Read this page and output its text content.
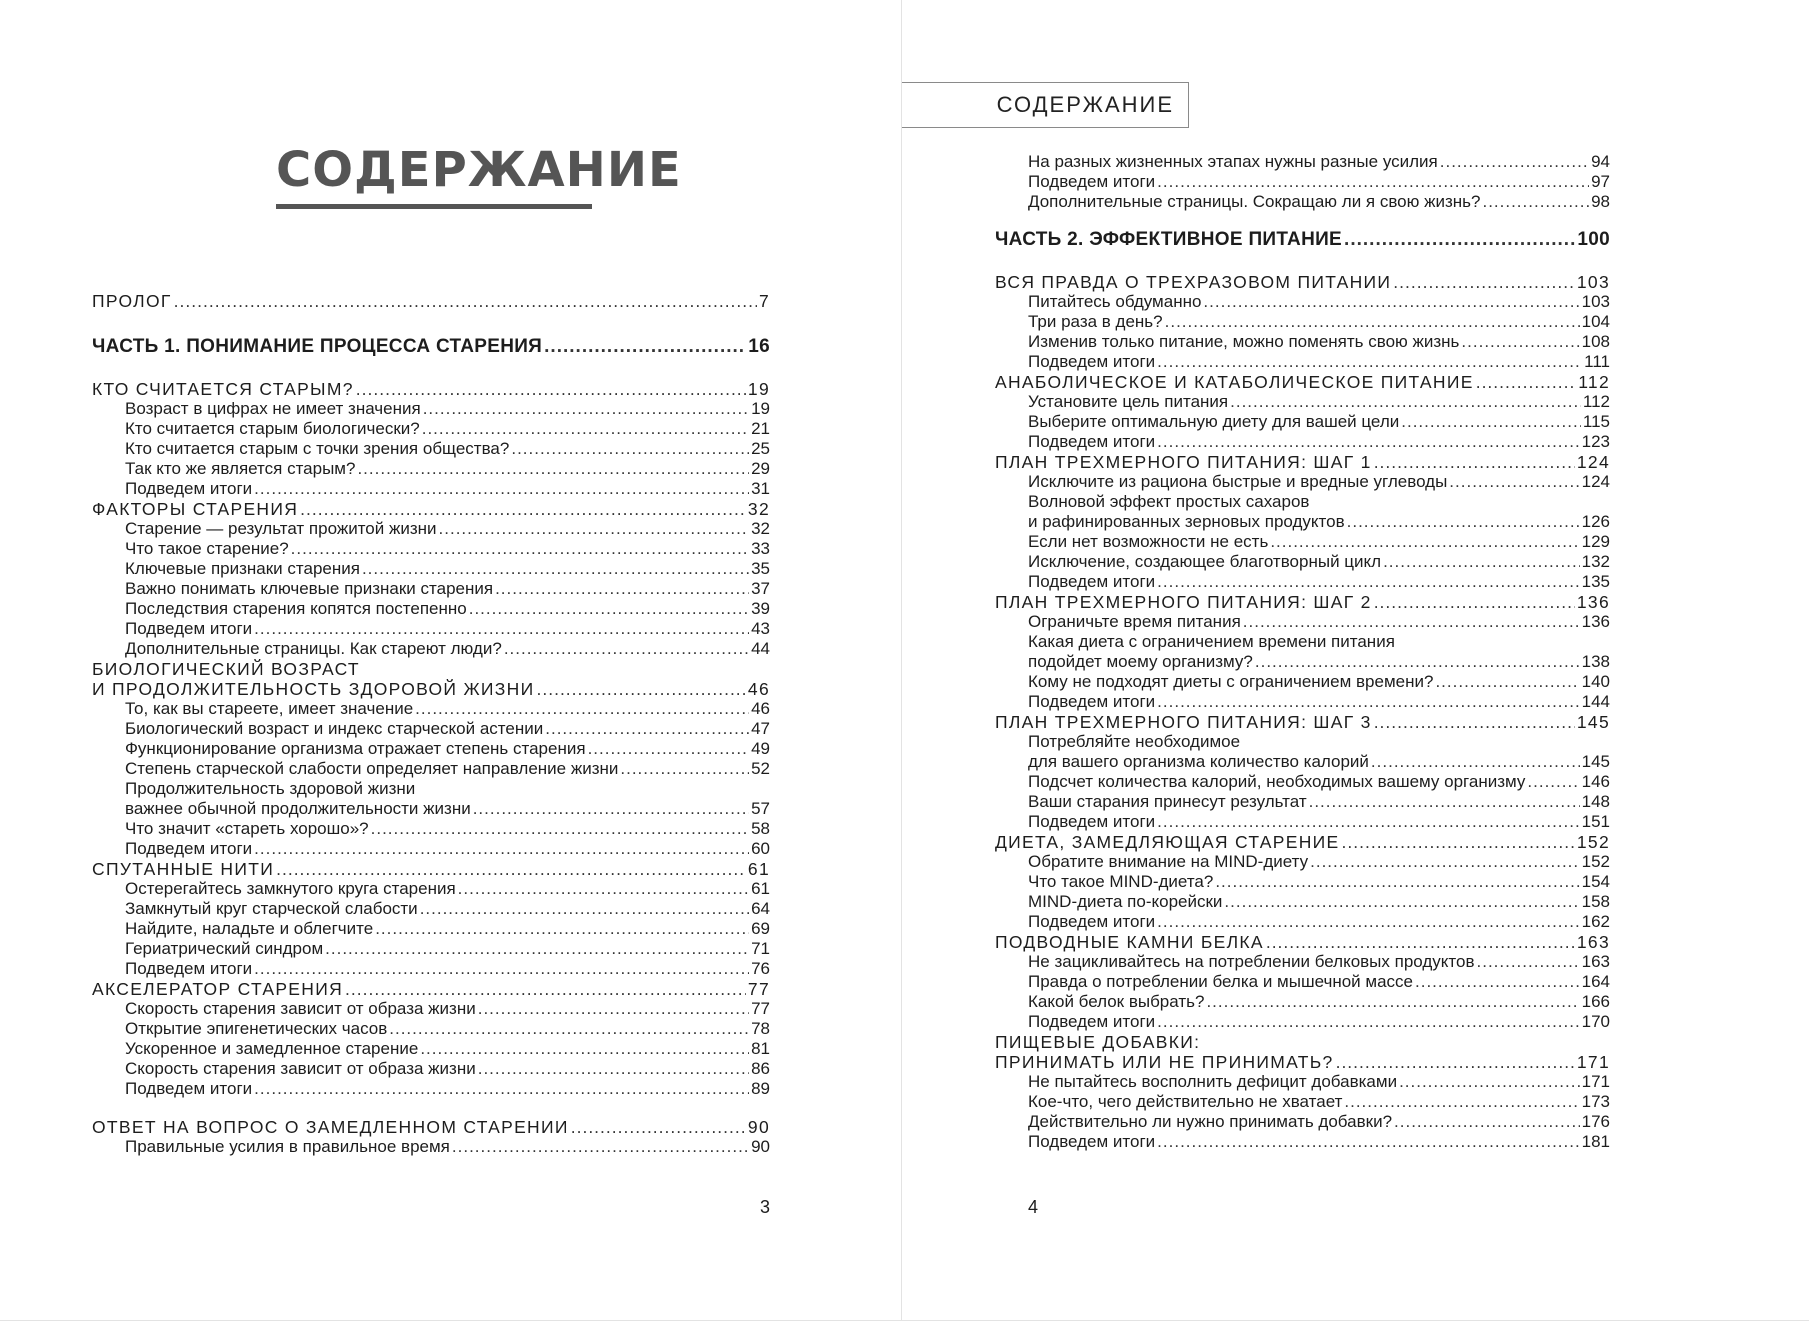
СОДЕРЖАНИЕ
ПРОЛОГ .....	7
ЧАСТЬ 1. ПОНИМАНИЕ ПРОЦЕССА СТАРЕНИЯ .....	16
КТО СЧИТАЕТСЯ СТАРЫМ? .....	19
Возраст в цифрах не имеет значения .....	19
Кто считается старым биологически? .....	21
Кто считается старым с точки зрения общества? .....	25
Так кто же является старым? .....	29
Подведем итоги .....	31
ФАКТОРЫ СТАРЕНИЯ .....	32
Старение — результат прожитой жизни .....	32
Что такое старение? .....	33
Ключевые признаки старения .....	35
Важно понимать ключевые признаки старения .....	37
Последствия старения копятся постепенно .....	39
Подведем итоги .....	43
Дополнительные страницы. Как стареют люди? .....	44
БИОЛОГИЧЕСКИЙ ВОЗРАСТ
И ПРОДОЛЖИТЕЛЬНОСТЬ ЗДОРОВОЙ ЖИЗНИ .....	46
То, как вы стареете, имеет значение .....	46
Биологический возраст и индекс старческой астении .....	47
Функционирование организма отражает степень старения .....	49
Степень старческой слабости определяет направление жизни .....	52
Продолжительность здоровой жизни
важнее обычной продолжительности жизни .....	57
Что значит «стареть хорошо»? .....	58
Подведем итоги .....	60
СПУТАННЫЕ НИТИ .....	61
Остерегайтесь замкнутого круга старения .....	61
Замкнутый круг старческой слабости .....	64
Найдите, наладьте и облегчите .....	69
Гериатрический синдром .....	71
Подведем итоги .....	76
АКСЕЛЕРАТОР СТАРЕНИЯ .....	77
Скорость старения зависит от образа жизни .....	77
Открытие эпигенетических часов .....	78
Ускоренное и замедленное старение .....	81
Скорость старения зависит от образа жизни .....	86
Подведем итоги .....	89
ОТВЕТ НА ВОПРОС О ЗАМЕДЛЕННОМ СТАРЕНИИ .....	90
Правильные усилия в правильное время .....	90
3
СОДЕРЖАНИЕ
На разных жизненных этапах нужны разные усилия .....	94
Подведем итоги .....	97
Дополнительные страницы. Сокращаю ли я свою жизнь? .....	98
ЧАСТЬ 2. ЭФФЕКТИВНОЕ ПИТАНИЕ .....	100
ВСЯ ПРАВДА О ТРЕХРАЗОВОМ ПИТАНИИ .....	103
Питайтесь обдуманно .....	103
Три раза в день? .....	104
Изменив только питание, можно поменять свою жизнь .....	108
Подведем итоги .....	111
АНАБОЛИЧЕСКОЕ И КАТАБОЛИЧЕСКОЕ ПИТАНИЕ .....	112
Установите цель питания .....	112
Выберите оптимальную диету для вашей цели .....	115
Подведем итоги .....	123
ПЛАН ТРЕХМЕРНОГО ПИТАНИЯ: ШАГ 1 .....	124
Исключите из рациона быстрые и вредные углеводы .....	124
Волновой эффект простых сахаров
и рафинированных зерновых продуктов .....	126
Если нет возможности не есть .....	129
Исключение, создающее благотворный цикл .....	132
Подведем итоги .....	135
ПЛАН ТРЕХМЕРНОГО ПИТАНИЯ: ШАГ 2 .....	136
Ограничьте время питания .....	136
Какая диета с ограничением времени питания
подойдет моему организму? .....	138
Кому не подходят диеты с ограничением времени? .....	140
Подведем итоги .....	144
ПЛАН ТРЕХМЕРНОГО ПИТАНИЯ: ШАГ 3 .....	145
Потребляйте необходимое
для вашего организма количество калорий .....	145
Подсчет количества калорий, необходимых вашему организму .....	146
Ваши старания принесут результат .....	148
Подведем итоги .....	151
ДИЕТА, ЗАМЕДЛЯЮЩАЯ СТАРЕНИЕ .....	152
Обратите внимание на MIND-диету .....	152
Что такое MIND-диета? .....	154
MIND-диета по-корейски .....	158
Подведем итоги .....	162
ПОДВОДНЫЕ КАМНИ БЕЛКА .....	163
Не зацикливайтесь на потреблении белковых продуктов .....	163
Правда о потреблении белка и мышечной массе .....	164
Какой белок выбрать? .....	166
Подведем итоги .....	170
ПИЩЕВЫЕ ДОБАВКИ:
ПРИНИМАТЬ ИЛИ НЕ ПРИНИМАТЬ? .....	171
Не пытайтесь восполнить дефицит добавками .....	171
Кое-что, чего действительно не хватает .....	173
Действительно ли нужно принимать добавки? .....	176
Подведем итоги .....	181
4
